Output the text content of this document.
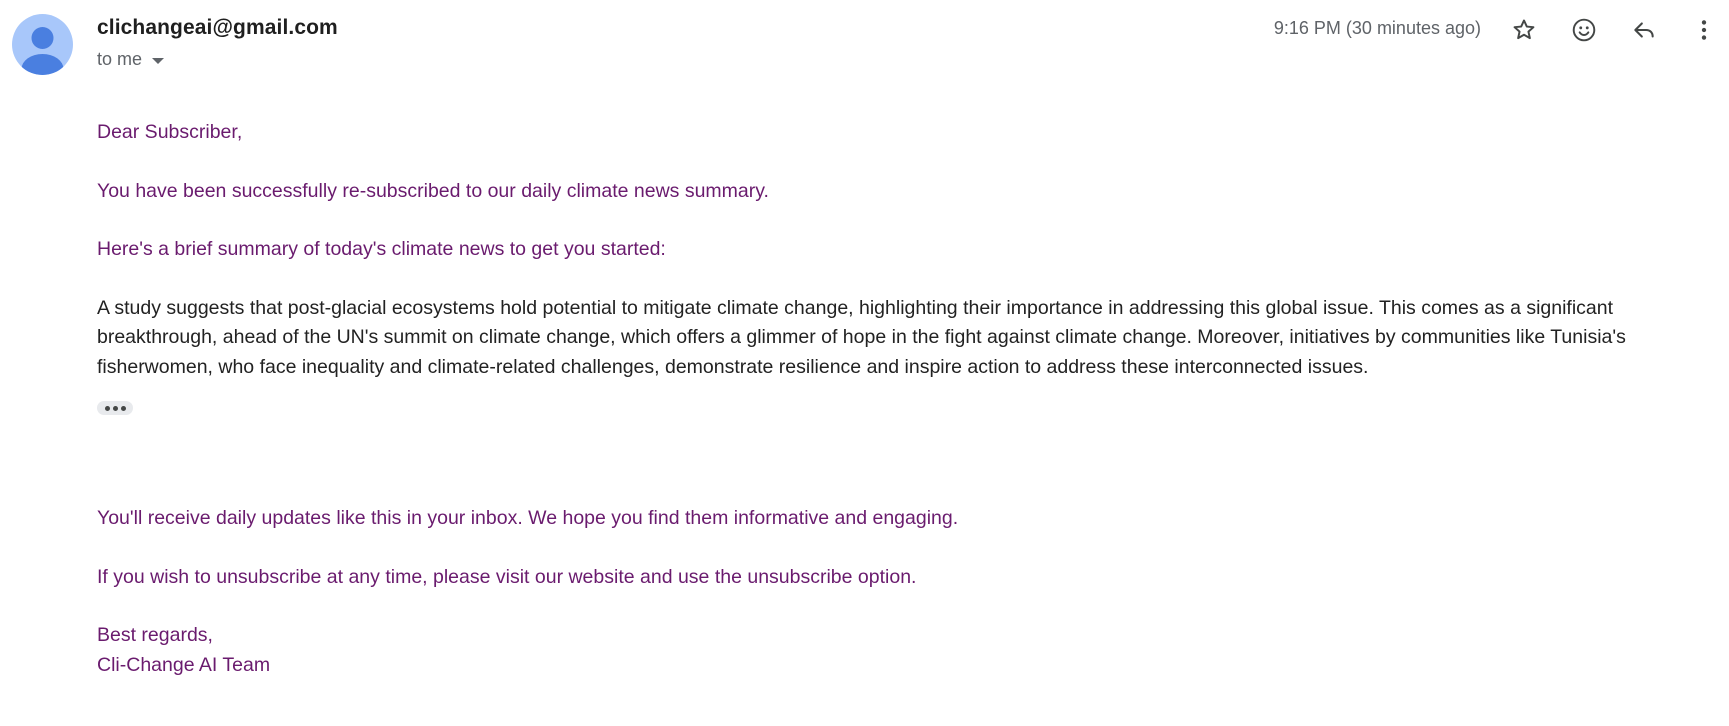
clichangeai@gmail.com
to me
9:16 PM (30 minutes ago)

Dear Subscriber,

You have been successfully re-subscribed to our daily climate news summary.

Here's a brief summary of today's climate news to get you started:

A study suggests that post-glacial ecosystems hold potential to mitigate climate change, highlighting their importance in addressing this global issue. This comes as a significant breakthrough, ahead of the UN's summit on climate change, which offers a glimmer of hope in the fight against climate change. Moreover, initiatives by communities like Tunisia's fisherwomen, who face inequality and climate-related challenges, demonstrate resilience and inspire action to address these interconnected issues.

You'll receive daily updates like this in your inbox. We hope you find them informative and engaging.

If you wish to unsubscribe at any time, please visit our website and use the unsubscribe option.

Best regards,

Cli-Change AI Team
